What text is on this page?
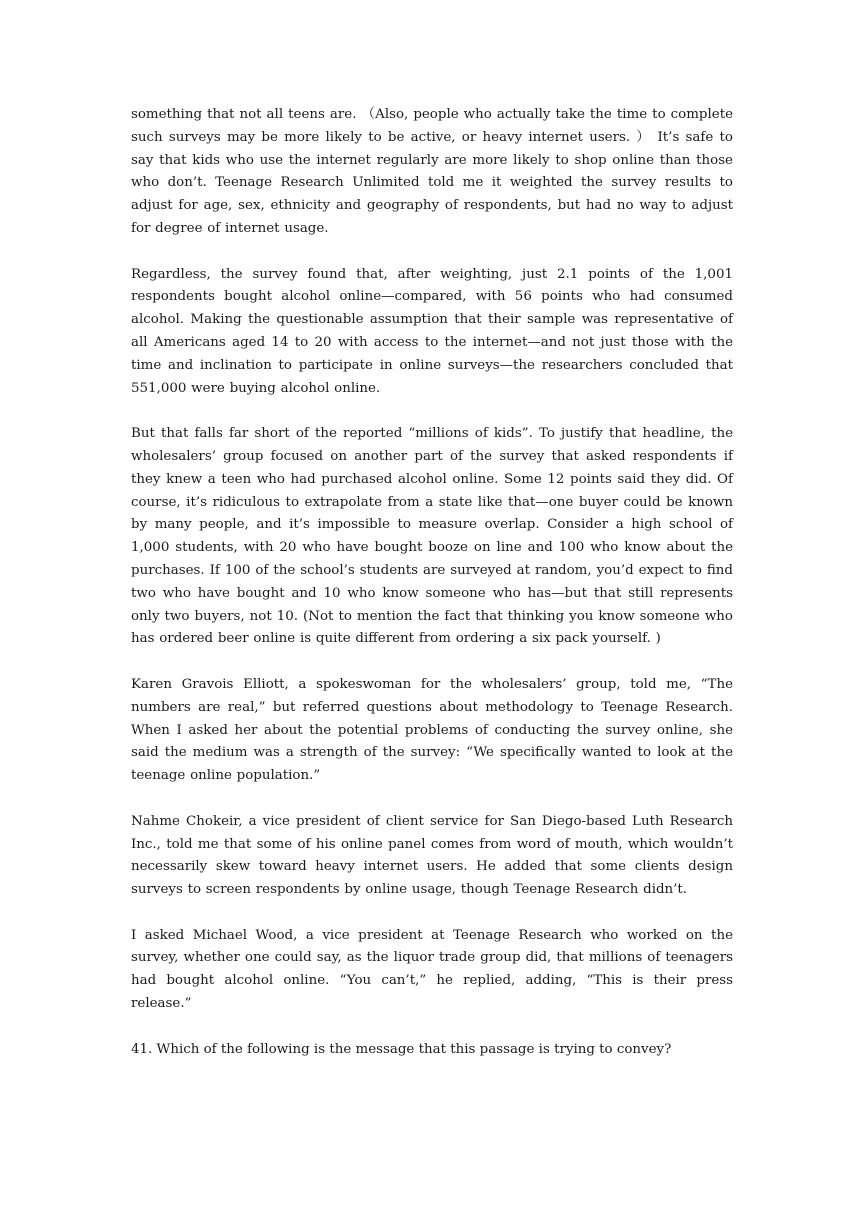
something that not all teens are. （Also, people who actually take the time to complete such surveys may be more likely to be active, or heavy internet users. ） It’s safe to say that kids who use the internet regularly are more likely to shop online than those who don’t. Teenage Research Unlimited told me it weighted the survey results to adjust for age, sex, ethnicity and geography of respondents, but had no way to adjust for degree of internet usage.

Regardless, the survey found that, after weighting, just 2.1 points of the 1,001 respondents bought alcohol online—compared, with 56 points who had consumed alcohol. Making the questionable assumption that their sample was representative of all Americans aged 14 to 20 with access to the internet—and not just those with the time and inclination to participate in online surveys—the researchers concluded that 551,000 were buying alcohol online.

But that falls far short of the reported “millions of kids”. To justify that headline, the wholesalers’ group focused on another part of the survey that asked respondents if they knew a teen who had purchased alcohol online. Some 12 points said they did. Of course, it’s ridiculous to extrapolate from a state like that—one buyer could be known by many people, and it’s impossible to measure overlap. Consider a high school of 1,000 students, with 20 who have bought booze on line and 100 who know about the purchases. If 100 of the school’s students are surveyed at random, you’d expect to find two who have bought and 10 who know someone who has—but that still represents only two buyers, not 10. (Not to mention the fact that thinking you know someone who has ordered beer online is quite different from ordering a six pack yourself. )

Karen Gravois Elliott, a spokeswoman for the wholesalers’ group, told me, “The numbers are real,” but referred questions about methodology to Teenage Research. When I asked her about the potential problems of conducting the survey online, she said the medium was a strength of the survey: “We specifically wanted to look at the teenage online population.”

Nahme Chokeir, a vice president of client service for San Diego-based Luth Research Inc., told me that some of his online panel comes from word of mouth, which wouldn’t necessarily skew toward heavy internet users. He added that some clients design surveys to screen respondents by online usage, though Teenage Research didn’t.

I asked Michael Wood, a vice president at Teenage Research who worked on the survey, whether one could say, as the liquor trade group did, that millions of teenagers had bought alcohol online. “You can’t,” he replied, adding, “This is their press release.”

41. Which of the following is the message that this passage is trying to convey?
